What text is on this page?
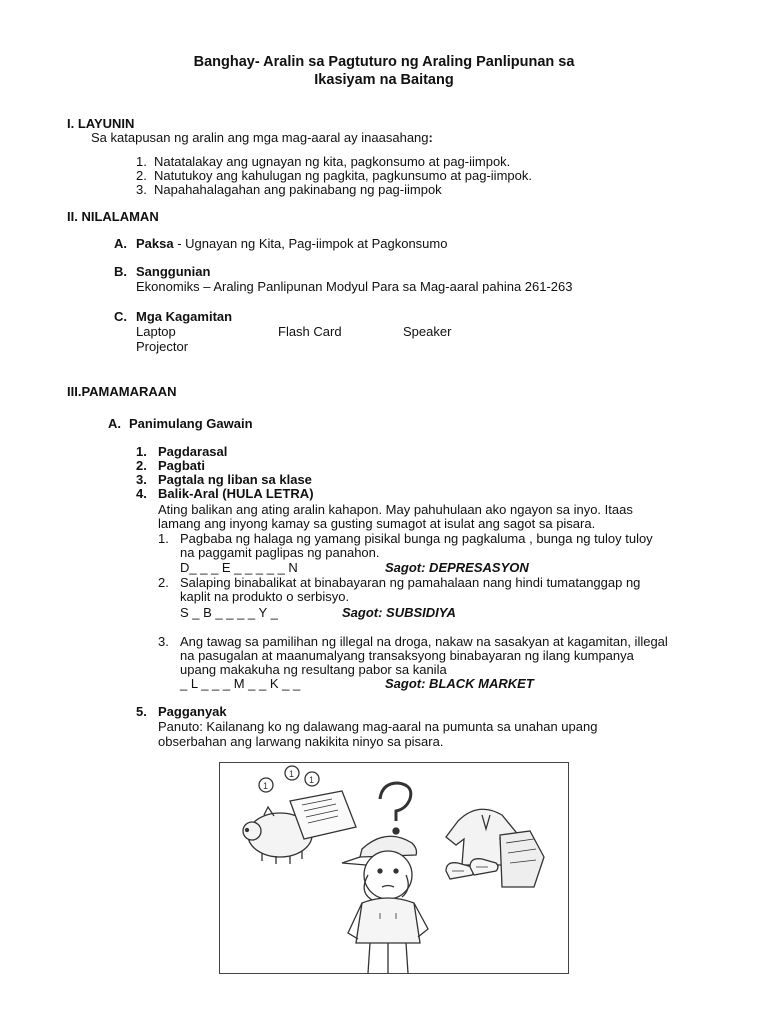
Banghay- Aralin sa Pagtuturo ng Araling Panlipunan sa
Ikasiyam na Baitang
I. LAYUNIN
Sa katapusan ng aralin ang mga mag-aaral ay inaasahang:
1. Natatalakay ang ugnayan ng kita, pagkonsumo at pag-iimpok.
2. Natutukoy ang kahulugan ng pagkita, pagkunsumo at pag-iimpok.
3. Napahahalagahan ang pakinabang ng pag-iimpok
II. NILALAMAN
A. Paksa - Ugnayan ng Kita, Pag-iimpok at Pagkonsumo
B. Sanggunian
Ekonomiks – Araling Panlipunan Modyul Para sa Mag-aaral pahina 261-263
C. Mga Kagamitan
Laptop	Flash Card	Speaker
Projector
III.PAMAMARAAN
A. Panimulang Gawain
1. Pagdarasal
2. Pagbati
3. Pagtala ng liban sa klase
4. Balik-Aral (HULA LETRA)
Ating balikan ang ating aralin kahapon. May pahuhulaan ako ngayon sa inyo. Itaas
lamang ang inyong kamay sa gusting sumagot at isulat ang sagot sa pisara.
1. Pagbaba ng halaga ng yamang pisikal bunga ng pagkaluma , bunga ng tuloy tuloy
na paggamit paglipas ng panahon.
D_ _ _ E _ _ _ _ _ N	Sagot: DEPRESASYON
2. Salaping binabalikat at binabayaran ng pamahalaan nang hindi tumatanggap ng
kaplit na produkto o serbisyo.
S _ B _ _ _ _ Y _	Sagot: SUBSIDIYA
3. Ang tawag sa pamilihan ng illegal na droga, nakaw na sasakyan at kagamitan, illegal
na pasugalan at maanumalyang transaksyong binabayaran ng ilang kumpanya
upang makakuha ng resultang pabor sa kanila
_ L _ _ _ M _ _ K _ _	Sagot: BLACK MARKET
5. Pagganyak
Panuto: Kailanang ko ng dalawang mag-aaral na pumunta sa unahan upang
obserbahan ang larwang nakikita ninyo sa pisara.
1
1
1
